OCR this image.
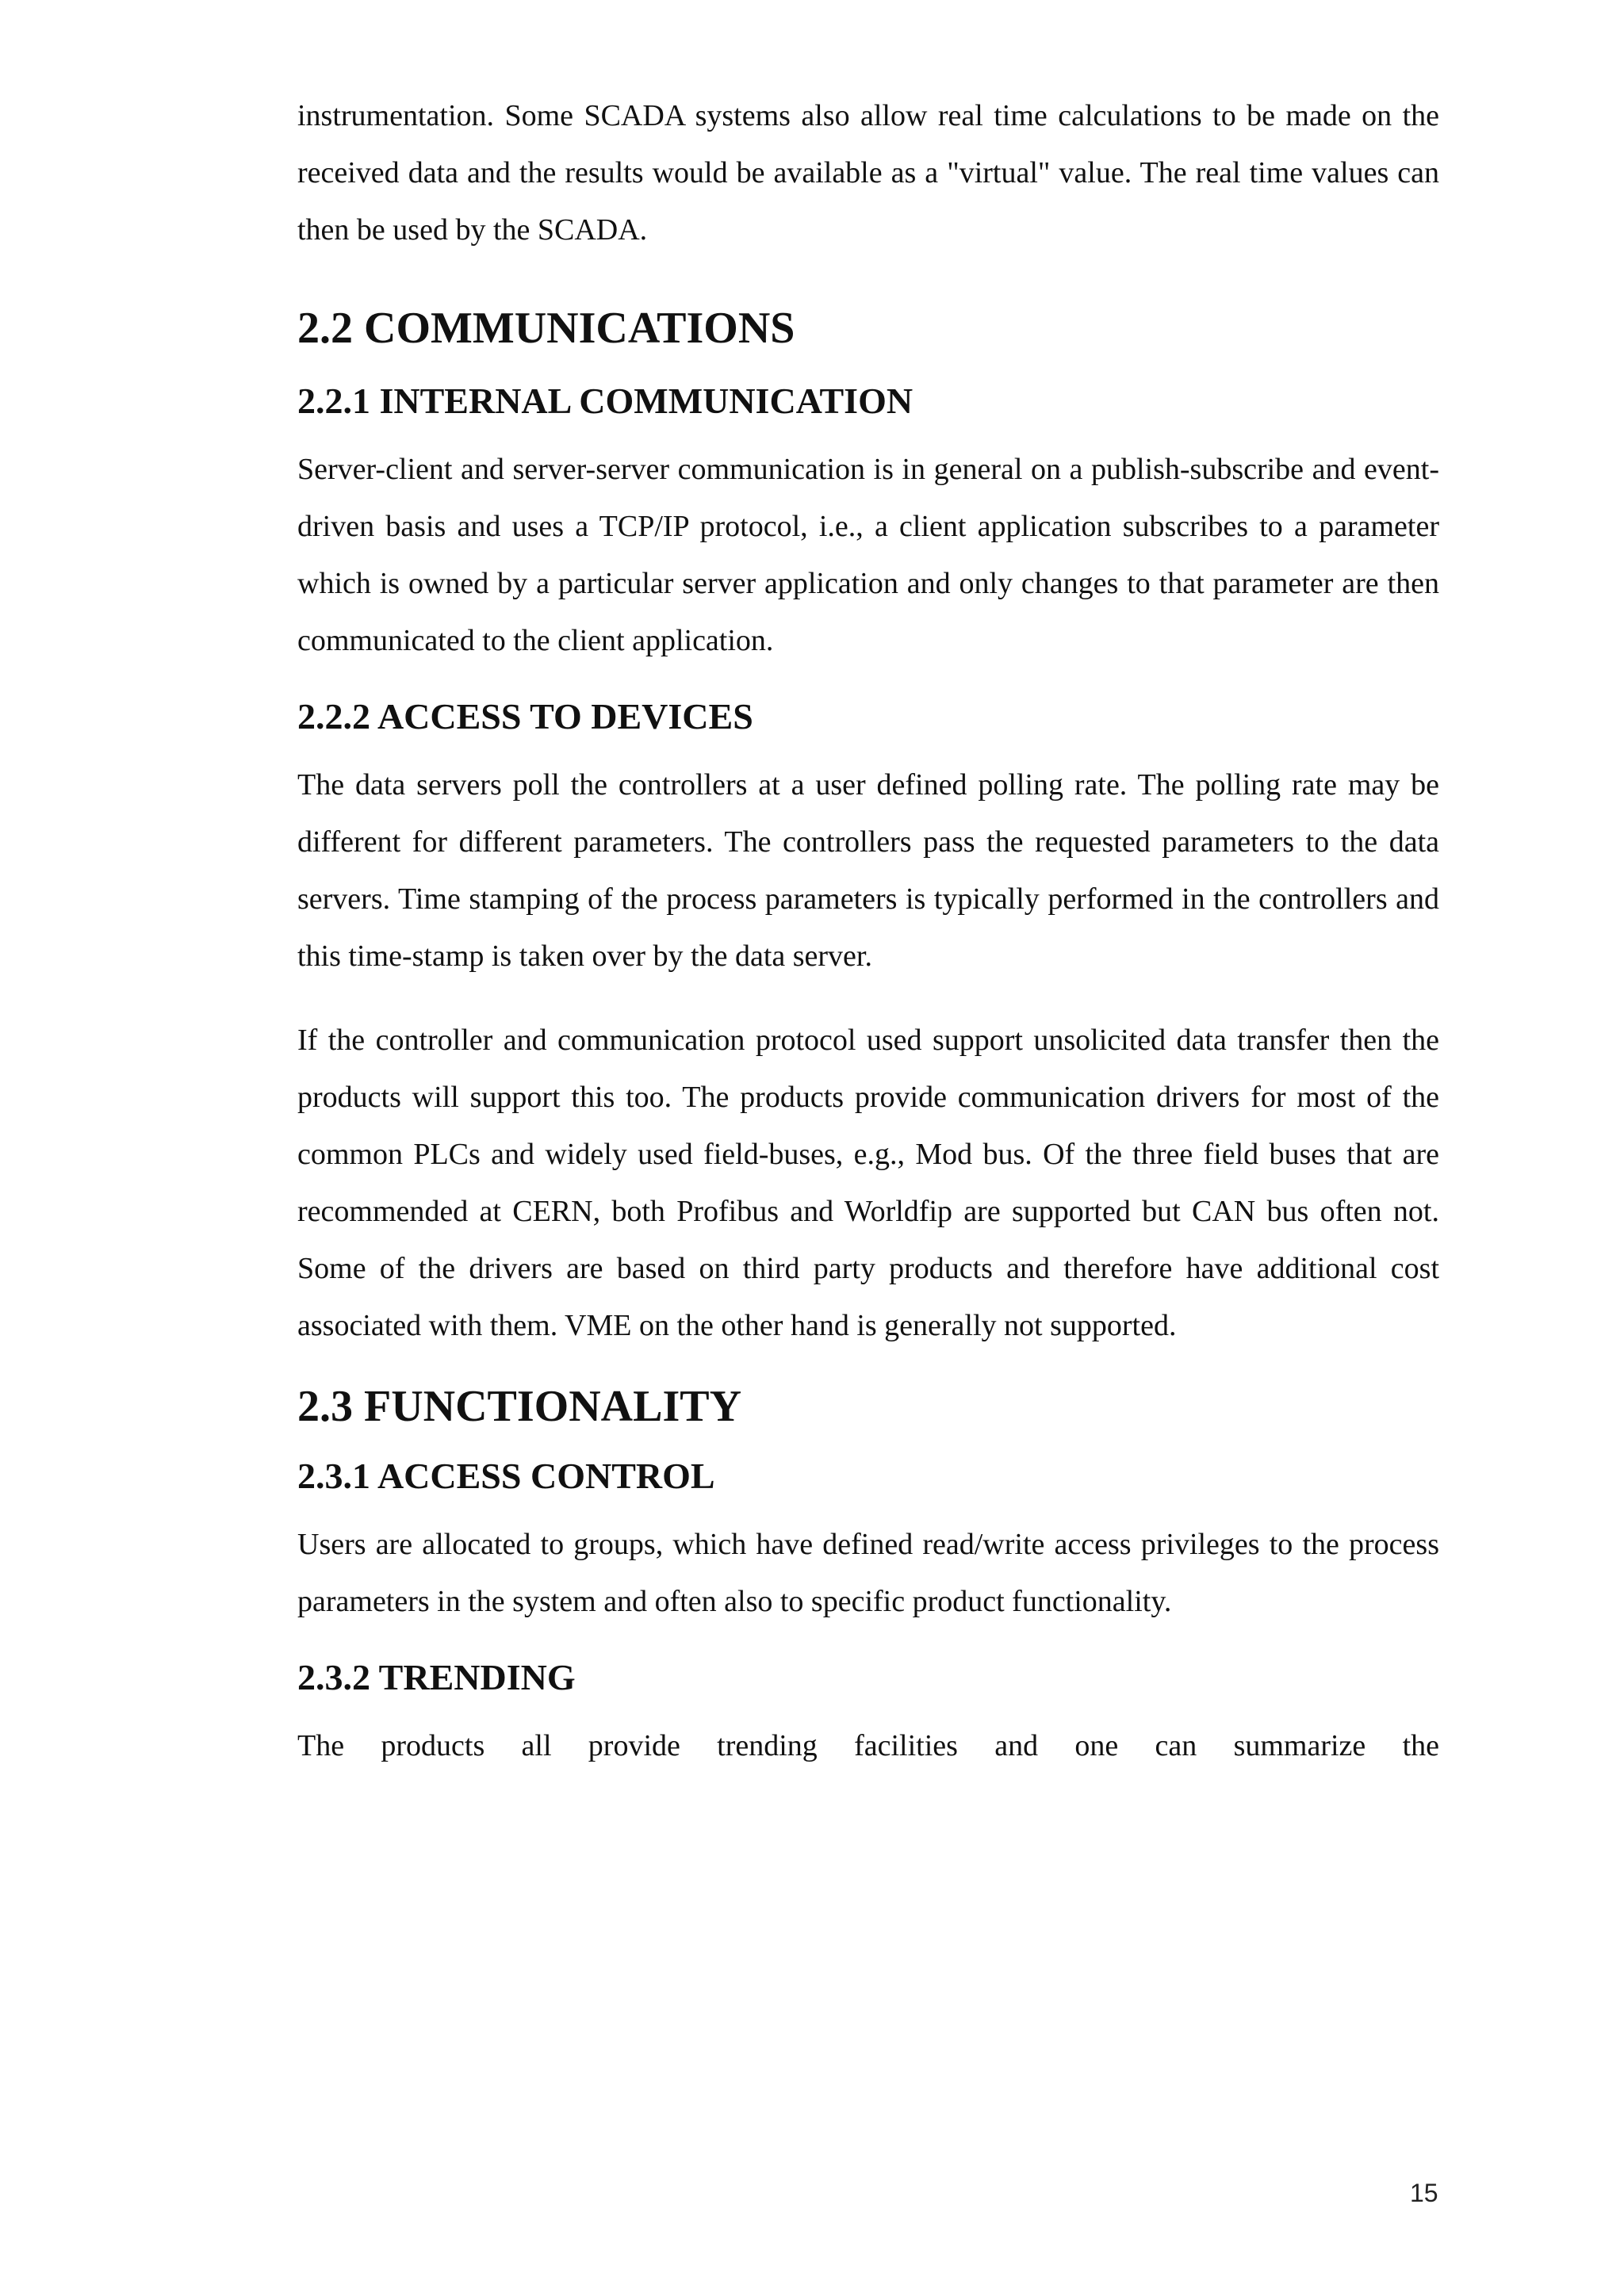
instrumentation. Some SCADA systems also allow real time calculations to be made on the received data and the results would be available as a "virtual" value. The real time values can then be used by the SCADA.

2.2 COMMUNICATIONS
2.2.1 INTERNAL COMMUNICATION

Server-client and server-server communication is in general on a publish-subscribe and event-driven basis and uses a TCP/IP protocol, i.e., a client application subscribes to a parameter which is owned by a particular server application and only changes to that parameter are then communicated to the client application.

2.2.2 ACCESS TO DEVICES

The data servers poll the controllers at a user defined polling rate. The polling rate may be different for different parameters. The controllers pass the requested parameters to the data servers. Time stamping of the process parameters is typically performed in the controllers and this time-stamp is taken over by the data server.

If the controller and communication protocol used support unsolicited data transfer then the products will support this too. The products provide communication drivers for most of the common PLCs and widely used field-buses, e.g., Mod bus. Of the three field buses that are recommended at CERN, both Profibus and Worldfip are supported but CAN bus often not. Some of the drivers are based on third party products and therefore have additional cost associated with them. VME on the other hand is generally not supported.

2.3 FUNCTIONALITY
2.3.1 ACCESS CONTROL

Users are allocated to groups, which have defined read/write access privileges to the process parameters in the system and often also to specific product functionality.

2.3.2 TRENDING

The products all provide trending facilities and one can summarize the

15
